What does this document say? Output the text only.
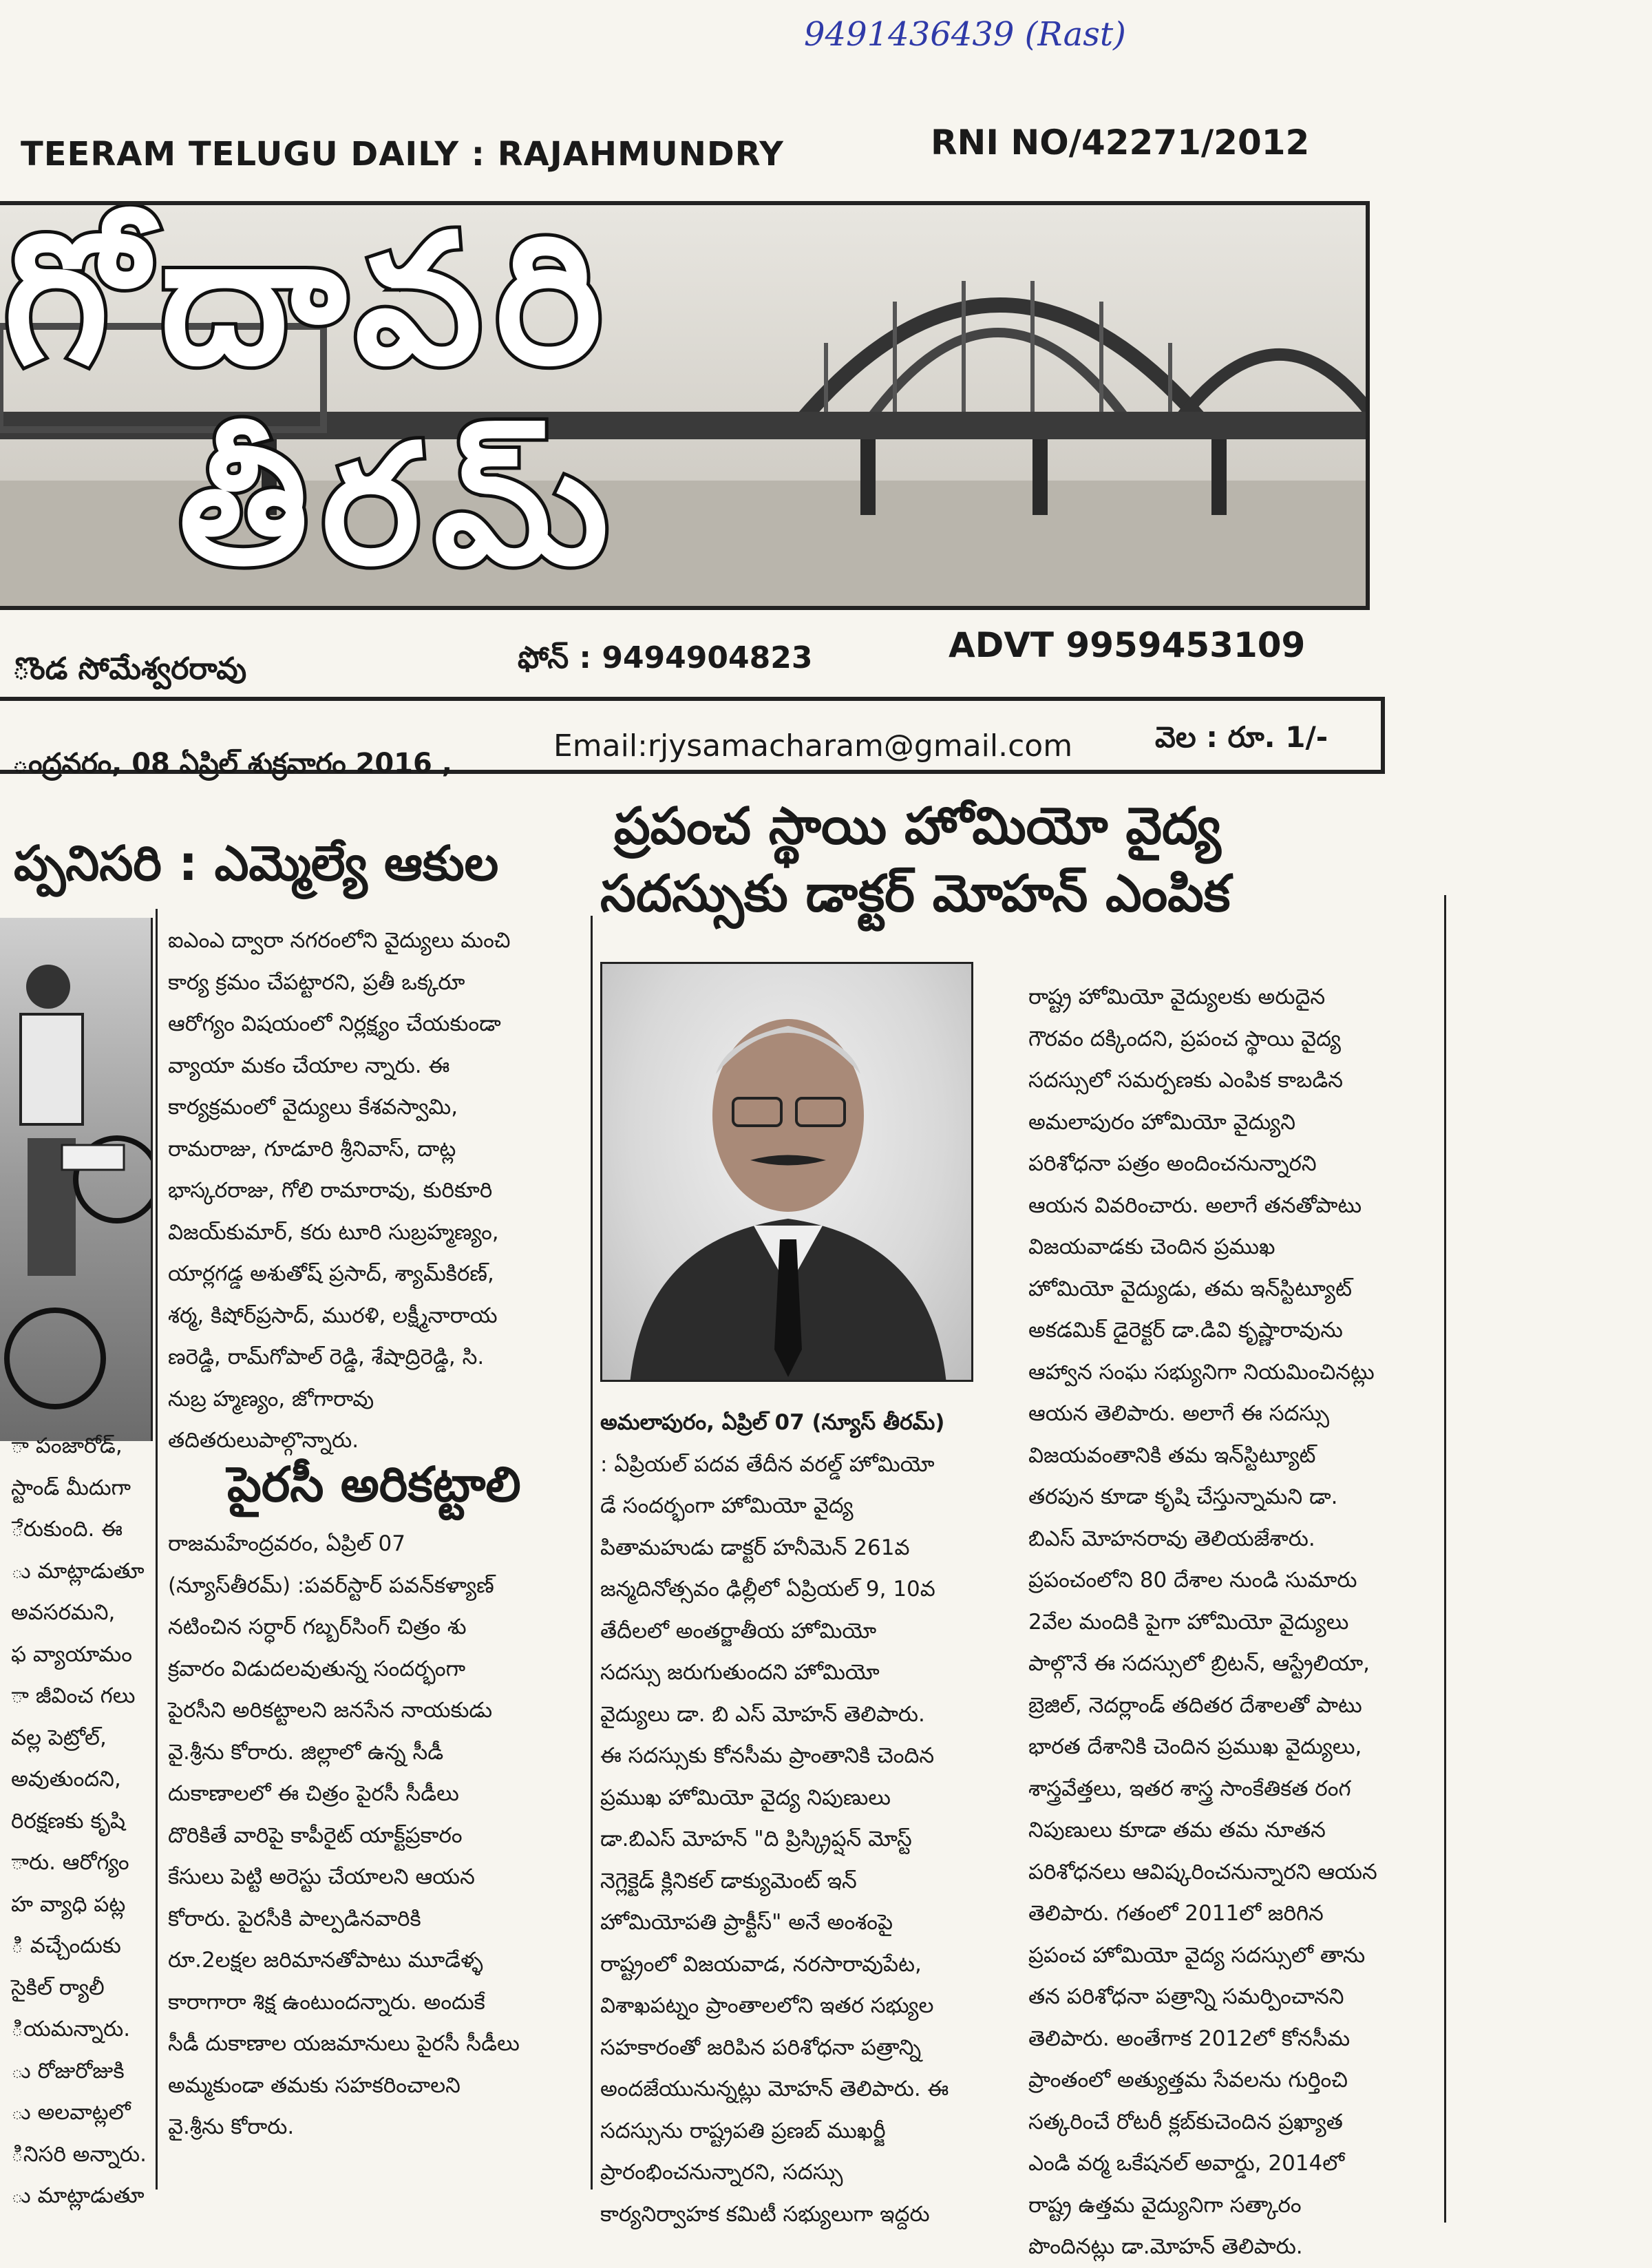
9491436439 (Rast)
TEERAM TELUGU DAILY : RAJAHMUNDRY	RNI NO/42271/2012
గోదావరి
తీరమ్
ొండ సోమేశ్వరరావు	ఫోన్ : 9494904823	ADVT 9959453109
ంద్రవరం, 08 ఏప్రిల్ శుక్రవారం 2016 ,	Email:rjysamacharam@gmail.com	వెల : రూ. 1/-
ప్రపంచ స్థాయి హోమియో వైద్య
సదస్సుకు డాక్టర్ మోహన్ ఎంపిక
ప్పనిసరి : ఎమ్మెల్యే ఆకుల

ా పంజారోడ్,

స్టాండ్ మీదుగా

ేరుకుంది. ఈ

ు మాట్లాడుతూ

అవసరమని,

ఫ వ్యాయామం

ా జీవించ గలు

వల్ల పెట్రోల్,

అవుతుందని,

రిరక్షణకు కృషి

ారు. ఆరోగ్యం

హ వ్యాధి పట్ల

ి వచ్చేందుకు

సైకిల్ ర్యాలీ

ియమన్నారు.

ు రోజురోజుకి

ు అలవాట్లలో

ినిసరి అన్నారు.

ు మాట్లాడుతూ

ఐఎంఎ ద్వారా నగరంలోని వైద్యులు మంచి

కార్య క్రమం చేపట్టారని, ప్రతీ ఒక్కరూ

ఆరోగ్యం విషయంలో నిర్లక్ష్యం చేయకుండా

వ్యాయా మకం చేయాల న్నారు. ఈ

కార్యక్రమంలో వైద్యులు కేశవస్వామి,

రామరాజు, గూడూరి శ్రీనివాస్, దాట్ల

భాస్కరరాజు, గోలి రామారావు, కురికూరి

విజయ్‌కుమార్, కరు టూరి సుబ్రహ్మణ్యం,

యార్లగడ్డ అశుతోష్ ప్రసాద్, శ్యామ్‌కిరణ్,

శర్మ, కిషోర్‌ప్రసాద్, మురళి, లక్ష్మీనారాయ

ణరెడ్డి, రామ్‌గోపాల్ రెడ్డి, శేషాద్రిరెడ్డి, సి.

నుబ్ర హ్మణ్యం, జోగారావు

తదితరులుపాల్గొన్నారు.

పైరసీ అరికట్టాలి

రాజమహేంద్రవరం, ఏప్రిల్ 07

(న్యూస్‌తీరమ్) :పవర్‌స్టార్ పవన్‌కళ్యాణ్

నటించిన సర్ధార్ గబ్బర్‌సింగ్ చిత్రం శు

క్రవారం విడుదలవుతున్న సందర్భంగా

పైరసీని అరికట్టాలని జనసేన నాయకుడు

వై.శ్రీను కోరారు. జిల్లాలో ఉన్న సీడీ

దుకాణాలలో ఈ చిత్రం పైరసీ సీడీలు

దొరికితే వారిపై కాపీరైట్ యాక్ట్‌ప్రకారం

కేసులు పెట్టి అరెస్టు చేయాలని ఆయన

కోరారు. పైరసీకి పాల్పడినవారికి

రూ.2లక్షల జరిమానతోపాటు మూడేళ్ళ

కారాగారా శిక్ష ఉంటుందన్నారు. అందుకే

సీడీ దుకాణాల యజమానులు పైరసీ సీడీలు

అమ్మకుండా తమకు సహకరించాలని

వై.శ్రీను కోరారు.

అమలాపురం, ఏప్రిల్ 07 (న్యూస్ తీరమ్)

: ఏప్రియల్ పదవ తేదీన వరల్డ్ హోమియో

డే సందర్భంగా హోమియో వైద్య

పితామహుడు డాక్టర్ హనీమెన్ 261వ

జన్మదినోత్సవం ఢిల్లీలో ఏప్రియల్ 9, 10వ

తేదీలలో అంతర్జాతీయ హోమియో

సదస్సు జరుగుతుందని హోమియో

వైద్యులు డా. బి ఎస్ మోహన్ తెలిపారు.

ఈ సదస్సుకు కోనసీమ ప్రాంతానికి చెందిన

ప్రముఖ హోమియో వైద్య నిపుణులు

డా.బిఎస్ మోహన్ "ది ప్రిస్క్రిప్షన్ మోస్ట్

నెగ్లెక్టెడ్ క్లినికల్ డాక్యుమెంట్ ఇన్

హోమియోపతి ప్రాక్టీస్" అనే అంశంపై

రాష్ట్రంలో విజయవాడ, నరసారావుపేట,

విశాఖపట్నం ప్రాంతాలలోని ఇతర సభ్యుల

సహకారంతో జరిపిన పరిశోధనా పత్రాన్ని

అందజేయునున్నట్లు మోహన్ తెలిపారు. ఈ

సదస్సును రాష్ట్రపతి ప్రణబ్ ముఖర్జీ

ప్రారంభించనున్నారని, సదస్సు

కార్యనిర్వాహక కమిటీ సభ్యులుగా ఇద్దరు

రాష్ట్ర హోమియో వైద్యులకు అరుదైన

గౌరవం దక్కిందని, ప్రపంచ స్థాయి వైద్య

సదస్సులో సమర్పణకు ఎంపిక కాబడిన

అమలాపురం హోమియో వైద్యుని

పరిశోధనా పత్రం అందించనున్నారని

ఆయన వివరించారు. అలాగే తనతోపాటు

విజయవాడకు చెందిన ప్రముఖ

హోమియో వైద్యుడు, తమ ఇన్‌స్టిట్యూట్

అకడమిక్ డైరెక్టర్ డా.డివి కృష్ణారావును

ఆహ్వాన సంఘ సభ్యునిగా నియమించినట్లు

ఆయన తెలిపారు. అలాగే ఈ సదస్సు

విజయవంతానికి తమ ఇన్‌స్టిట్యూట్

తరపున కూడా కృషి చేస్తున్నామని డా.

బిఎస్ మోహనరావు తెలియజేశారు.

ప్రపంచంలోని 80 దేశాల నుండి సుమారు

2వేల మందికి పైగా హోమియో వైద్యులు

పాల్గొనే ఈ సదస్సులో బ్రిటన్, ఆస్ట్రేలియా,

బ్రెజిల్, నెదర్లాండ్ తదితర దేశాలతో పాటు

భారత దేశానికి చెందిన ప్రముఖ వైద్యులు,

శాస్త్రవేత్తలు, ఇతర శాస్త్ర సాంకేతికత రంగ

నిపుణులు కూడా తమ తమ నూతన

పరిశోధనలు ఆవిష్కరించనున్నారని ఆయన

తెలిపారు. గతంలో 2011లో జరిగిన

ప్రపంచ హోమియో వైద్య సదస్సులో తాను

తన పరిశోధనా పత్రాన్ని సమర్పించానని

తెలిపారు. అంతేగాక 2012లో కోనసీమ

ప్రాంతంలో అత్యుత్తమ సేవలను గుర్తించి

సత్కరించే రోటరీ క్లబ్‌కుచెందిన ప్రఖ్యాత

ఎండి వర్మ ఒకేషనల్ అవార్డు, 2014లో

రాష్ట్ర ఉత్తమ వైద్యునిగా సత్కారం

పొందినట్లు డా.మోహన్ తెలిపారు.
